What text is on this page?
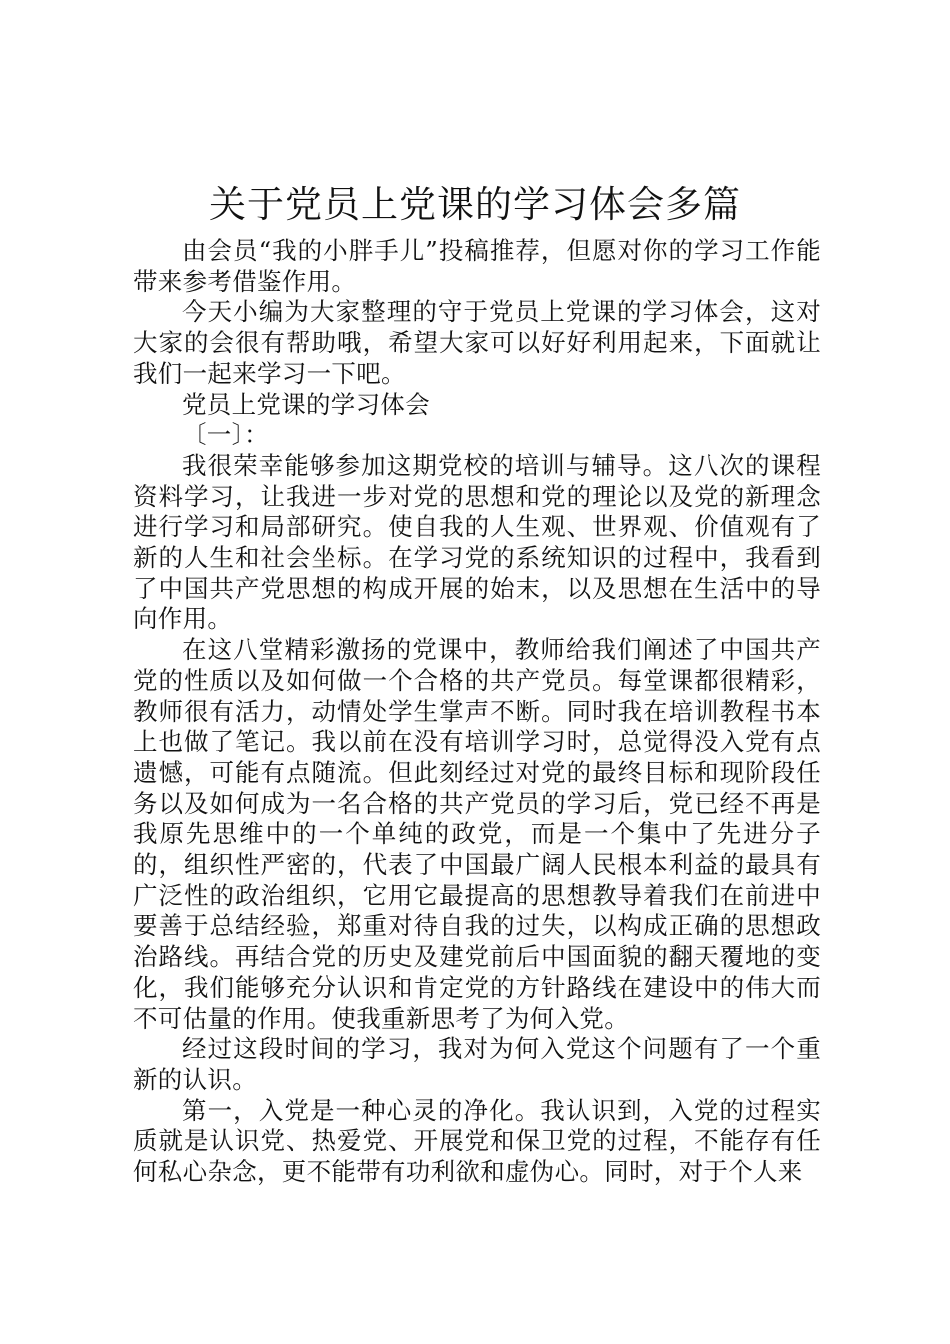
关于党员上党课的学习体会多篇

由会员“我的小胖手儿”投稿推荐，但愿对你的学习工作能带来参考借鉴作用。

今天小编为大家整理的守于党员上党课的学习体会，这对大家的会很有帮助哦，希望大家可以好好利用起来，下面就让我们一起来学习一下吧。

党员上党课的学习体会

〔一〕：

我很荣幸能够参加这期党校的培训与辅导。这八次的课程资料学习，让我进一步对党的思想和党的理论以及党的新理念进行学习和局部研究。使自我的人生观、世界观、价值观有了新的人生和社会坐标。在学习党的系统知识的过程中，我看到了中国共产党思想的构成开展的始末，以及思想在生活中的导向作用。

在这八堂精彩激扬的党课中，教师给我们阐述了中国共产党的性质以及如何做一个合格的共产党员。每堂课都很精彩，教师很有活力，动情处学生掌声不断。同时我在培训教程书本上也做了笔记。我以前在没有培训学习时，总觉得没入党有点遗憾，可能有点随流。但此刻经过对党的最终目标和现阶段任务以及如何成为一名合格的共产党员的学习后，党已经不再是我原先思维中的一个单纯的政党，而是一个集中了先进分子的，组织性严密的，代表了中国最广阔人民根本利益的最具有广泛性的政治组织，它用它最提高的思想教导着我们在前进中要善于总结经验，郑重对待自我的过失，以构成正确的思想政治路线。再结合党的历史及建党前后中国面貌的翻天覆地的变化，我们能够充分认识和肯定党的方针路线在建设中的伟大而不可估量的作用。使我重新思考了为何入党。

经过这段时间的学习，我对为何入党这个问题有了一个重新的认识。

第一，入党是一种心灵的净化。我认识到，入党的过程实质就是认识党、热爱党、开展党和保卫党的过程，不能存有任何私心杂念，更不能带有功利欲和虚伪心。同时，对于个人来
